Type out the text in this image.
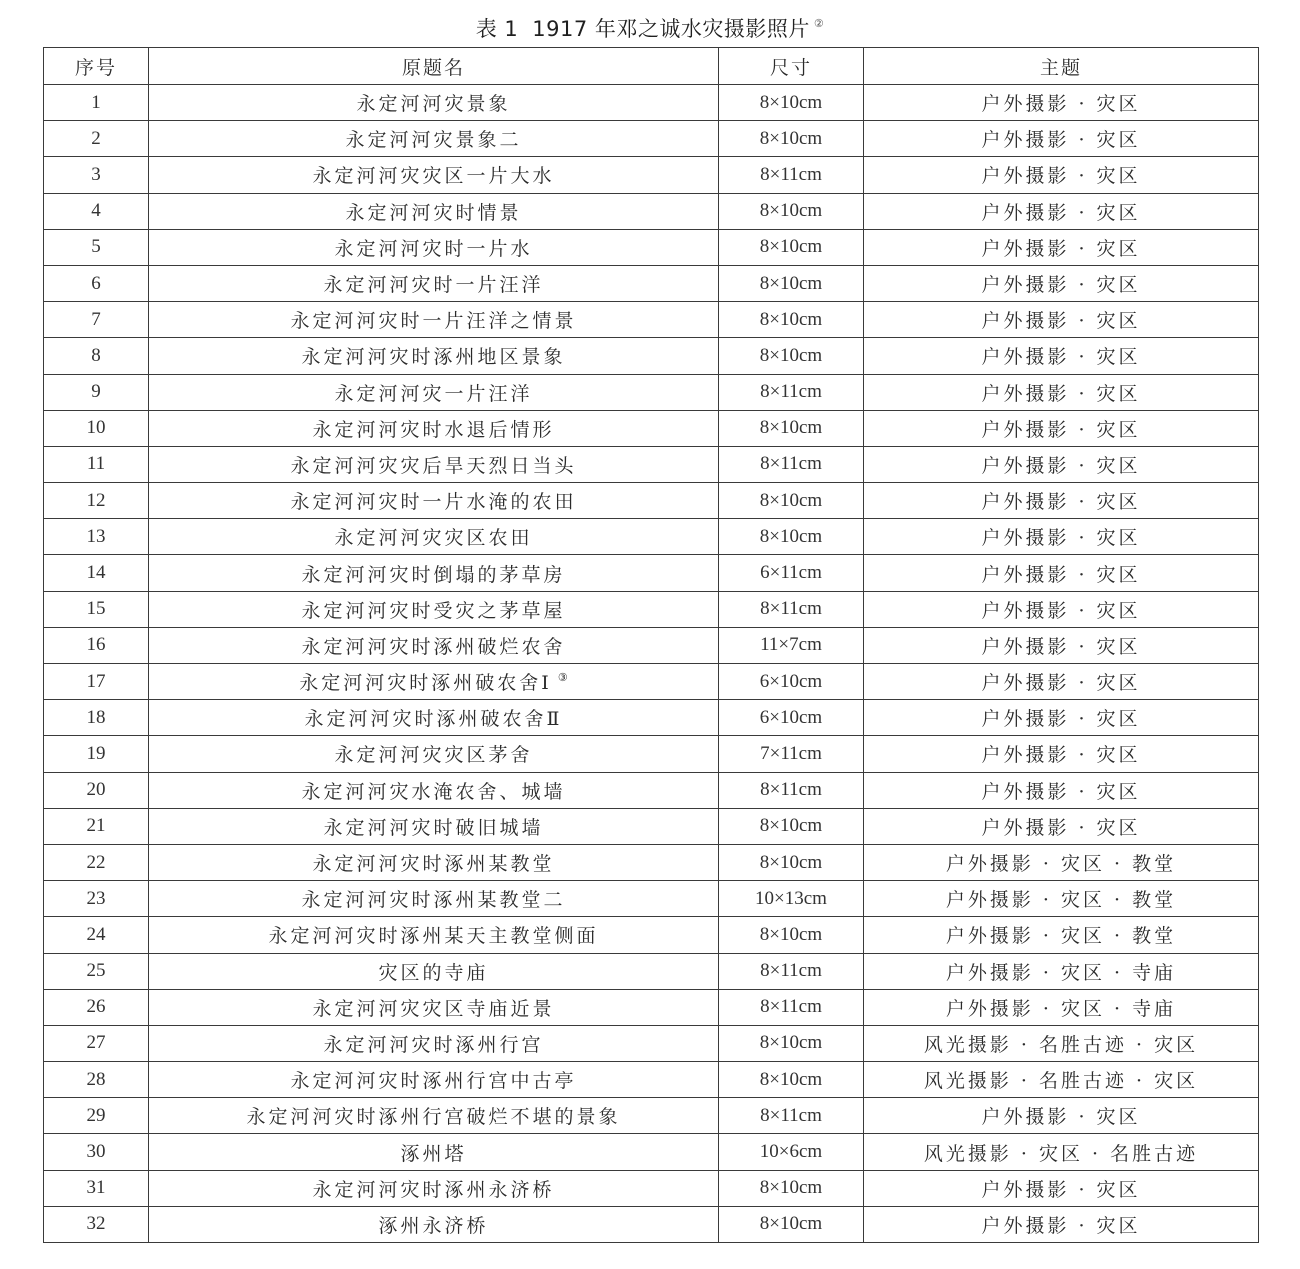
表 1 1917 年邓之诚水灾摄影照片 ②
序号	原题名	尺寸	主题
1	永定河河灾景象	8×10cm	户外摄影 · 灾区
2	永定河河灾景象二	8×10cm	户外摄影 · 灾区
3	永定河河灾灾区一片大水	8×11cm	户外摄影 · 灾区
4	永定河河灾时情景	8×10cm	户外摄影 · 灾区
5	永定河河灾时一片水	8×10cm	户外摄影 · 灾区
6	永定河河灾时一片汪洋	8×10cm	户外摄影 · 灾区
7	永定河河灾时一片汪洋之情景	8×10cm	户外摄影 · 灾区
8	永定河河灾时涿州地区景象	8×10cm	户外摄影 · 灾区
9	永定河河灾一片汪洋	8×11cm	户外摄影 · 灾区
10	永定河河灾时水退后情形	8×10cm	户外摄影 · 灾区
11	永定河河灾灾后旱天烈日当头	8×11cm	户外摄影 · 灾区
12	永定河河灾时一片水淹的农田	8×10cm	户外摄影 · 灾区
13	永定河河灾灾区农田	8×10cm	户外摄影 · 灾区
14	永定河河灾时倒塌的茅草房	6×11cm	户外摄影 · 灾区
15	永定河河灾时受灾之茅草屋	8×11cm	户外摄影 · 灾区
16	永定河河灾时涿州破烂农舍	11×7cm	户外摄影 · 灾区
17	永定河河灾时涿州破农舍Ⅰ ③	6×10cm	户外摄影 · 灾区
18	永定河河灾时涿州破农舍Ⅱ	6×10cm	户外摄影 · 灾区
19	永定河河灾灾区茅舍	7×11cm	户外摄影 · 灾区
20	永定河河灾水淹农舍、城墙	8×11cm	户外摄影 · 灾区
21	永定河河灾时破旧城墙	8×10cm	户外摄影 · 灾区
22	永定河河灾时涿州某教堂	8×10cm	户外摄影 · 灾区 · 教堂
23	永定河河灾时涿州某教堂二	10×13cm	户外摄影 · 灾区 · 教堂
24	永定河河灾时涿州某天主教堂侧面	8×10cm	户外摄影 · 灾区 · 教堂
25	灾区的寺庙	8×11cm	户外摄影 · 灾区 · 寺庙
26	永定河河灾灾区寺庙近景	8×11cm	户外摄影 · 灾区 · 寺庙
27	永定河河灾时涿州行宫	8×10cm	风光摄影 · 名胜古迹 · 灾区
28	永定河河灾时涿州行宫中古亭	8×10cm	风光摄影 · 名胜古迹 · 灾区
29	永定河河灾时涿州行宫破烂不堪的景象	8×11cm	户外摄影 · 灾区
30	涿州塔	10×6cm	风光摄影 · 灾区 · 名胜古迹
31	永定河河灾时涿州永济桥	8×10cm	户外摄影 · 灾区
32	涿州永济桥	8×10cm	户外摄影 · 灾区
